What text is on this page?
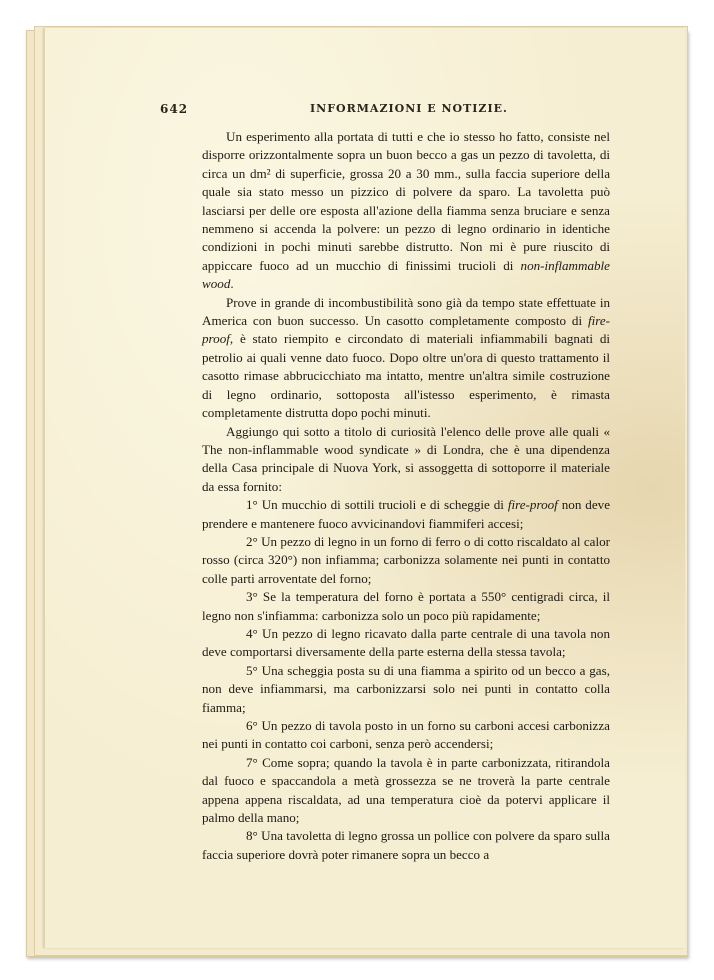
642	INFORMAZIONI E NOTIZIE.

Un esperimento alla portata di tutti e che io stesso ho fatto, consiste nel disporre orizzontalmente sopra un buon becco a gas un pezzo di tavoletta, di circa un dm² di superficie, grossa 20 a 30 mm., sulla faccia superiore della quale sia stato messo un pizzico di polvere da sparo. La tavoletta può lasciarsi per delle ore esposta all'azione della fiamma senza bruciare e senza nemmeno si accenda la polvere: un pezzo di legno ordinario in identiche condizioni in pochi minuti sarebbe distrutto. Non mi è pure riuscito di appiccare fuoco ad un mucchio di finissimi trucioli di non-inflammable wood.

Prove in grande di incombustibilità sono già da tempo state effettuate in America con buon successo. Un casotto completamente composto di fire-proof, è stato riempito e circondato di materiali infiammabili bagnati di petrolio ai quali venne dato fuoco. Dopo oltre un'ora di questo trattamento il casotto rimase abbrucicchiato ma intatto, mentre un'altra simile costruzione di legno ordinario, sottoposta all'istesso esperimento, è rimasta completamente distrutta dopo pochi minuti.

Aggiungo qui sotto a titolo di curiosità l'elenco delle prove alle quali « The non-inflammable wood syndicate » di Londra, che è una dipendenza della Casa principale di Nuova York, si assoggetta di sottoporre il materiale da essa fornito:

1° Un mucchio di sottili trucioli e di scheggie di fire-proof non deve prendere e mantenere fuoco avvicinandovi fiammiferi accesi;

2° Un pezzo di legno in un forno di ferro o di cotto riscaldato al calor rosso (circa 320°) non infiamma; carbonizza solamente nei punti in contatto colle parti arroventate del forno;

3° Se la temperatura del forno è portata a 550° centigradi circa, il legno non s'infiamma: carbonizza solo un poco più rapidamente;

4° Un pezzo di legno ricavato dalla parte centrale di una tavola non deve comportarsi diversamente della parte esterna della stessa tavola;

5° Una scheggia posta su di una fiamma a spirito od un becco a gas, non deve infiammarsi, ma carbonizzarsi solo nei punti in contatto colla fiamma;

6° Un pezzo di tavola posto in un forno su carboni accesi carbonizza nei punti in contatto coi carboni, senza però accendersi;

7° Come sopra; quando la tavola è in parte carbonizzata, ritirandola dal fuoco e spaccandola a metà grossezza se ne troverà la parte centrale appena appena riscaldata, ad una temperatura cioè da potervi applicare il palmo della mano;

8° Una tavoletta di legno grossa un pollice con polvere da sparo sulla faccia superiore dovrà poter rimanere sopra un becco a
